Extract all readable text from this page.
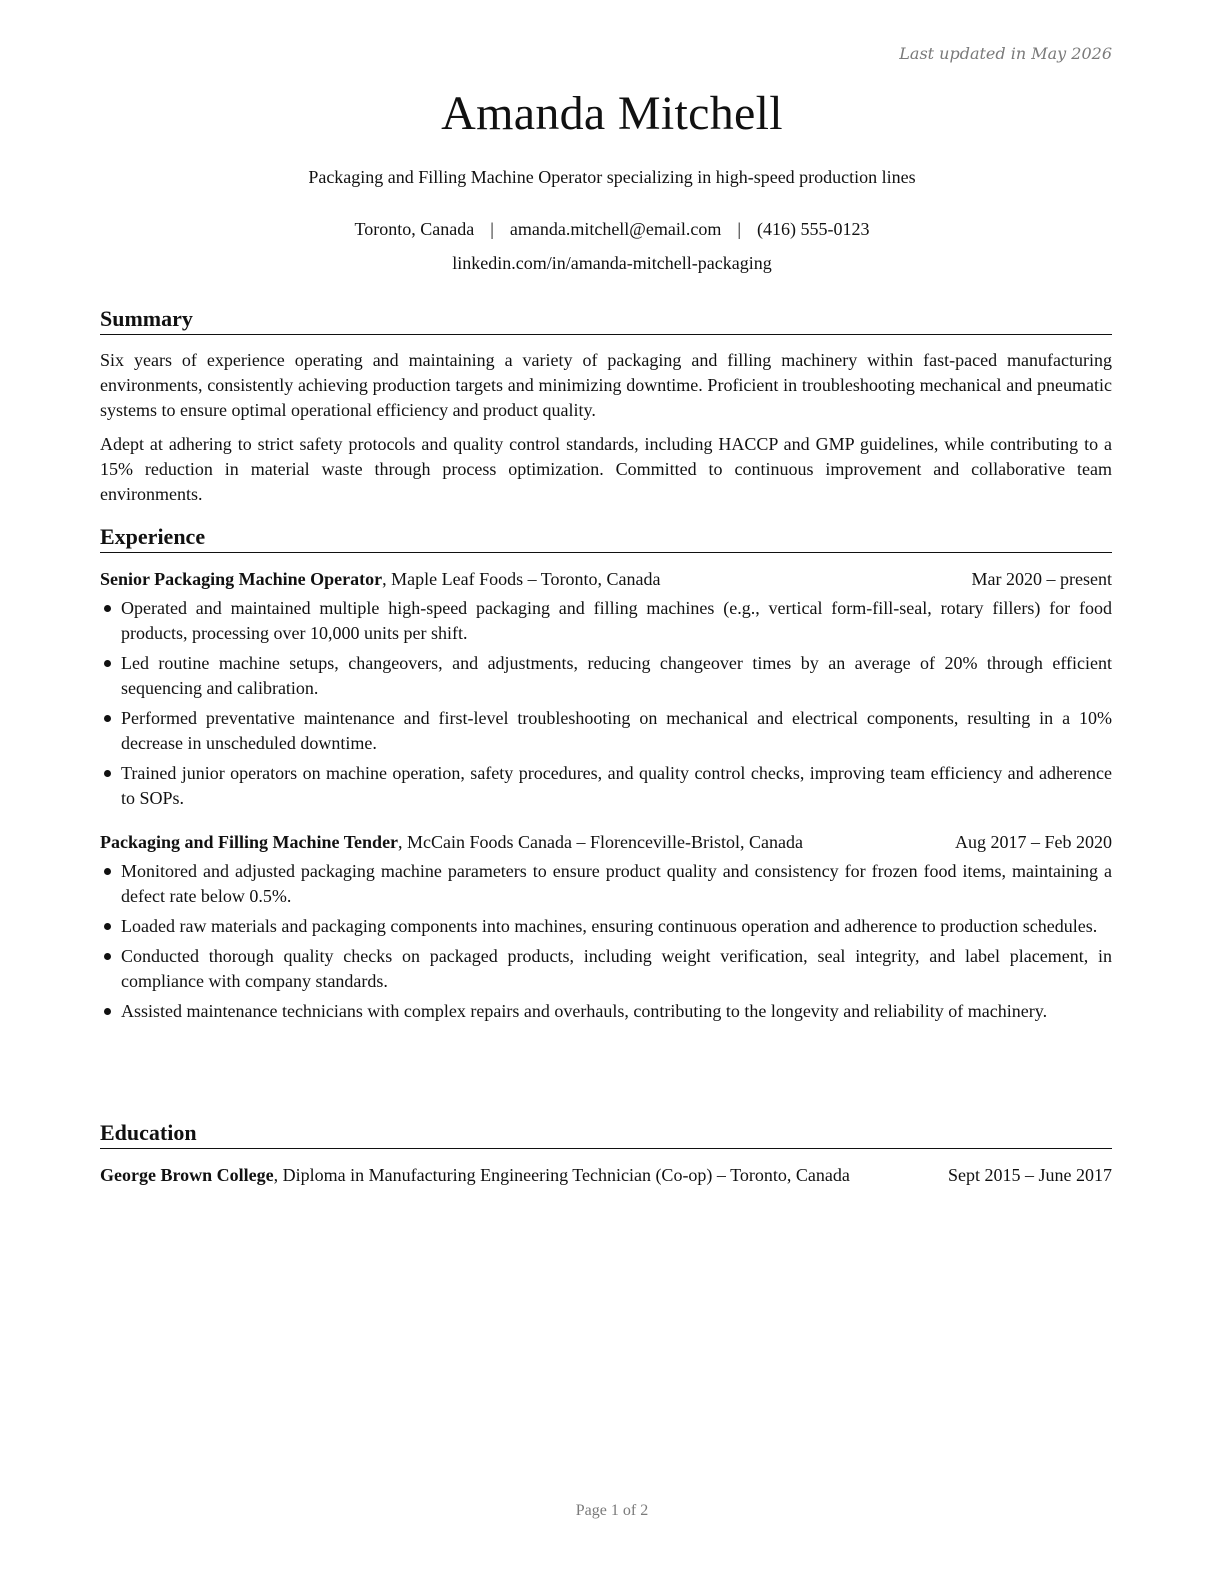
Last updated in May 2026
Amanda Mitchell
Packaging and Filling Machine Operator specializing in high-speed production lines
Toronto, Canada | amanda.mitchell@email.com | (416) 555-0123
linkedin.com/in/amanda-mitchell-packaging
Summary

Six years of experience operating and maintaining a variety of packaging and filling machinery within fast-paced manufacturing environments, consistently achieving production targets and minimizing downtime. Proficient in troubleshooting mechanical and pneumatic systems to ensure optimal operational efficiency and product quality.

Adept at adhering to strict safety protocols and quality control standards, including HACCP and GMP guidelines, while contributing to a 15% reduction in material waste through process optimization. Committed to continuous improvement and collaborative team environments.

Experience
Senior Packaging Machine Operator, Maple Leaf Foods – Toronto, Canada	Mar 2020 – present
Operated and maintained multiple high-speed packaging and filling machines (e.g., vertical form-fill-seal, rotary fillers) for food products, processing over 10,000 units per shift.
Led routine machine setups, changeovers, and adjustments, reducing changeover times by an average of 20% through efficient sequencing and calibration.
Performed preventative maintenance and first-level troubleshooting on mechanical and electrical components, resulting in a 10% decrease in unscheduled downtime.
Trained junior operators on machine operation, safety procedures, and quality control checks, improving team efficiency and adherence to SOPs.
Packaging and Filling Machine Tender, McCain Foods Canada – Florenceville-Bristol, Canada	Aug 2017 – Feb 2020
Monitored and adjusted packaging machine parameters to ensure product quality and consistency for frozen food items, maintaining a defect rate below 0.5%.
Loaded raw materials and packaging components into machines, ensuring continuous operation and adherence to production schedules.
Conducted thorough quality checks on packaged products, including weight verification, seal integrity, and label placement, in compliance with company standards.
Assisted maintenance technicians with complex repairs and overhauls, contributing to the longevity and reliability of machinery.
Education
George Brown College, Diploma in Manufacturing Engineering Technician (Co-op) – Toronto, Canada	Sept 2015 – June 2017
Page 1 of 2
